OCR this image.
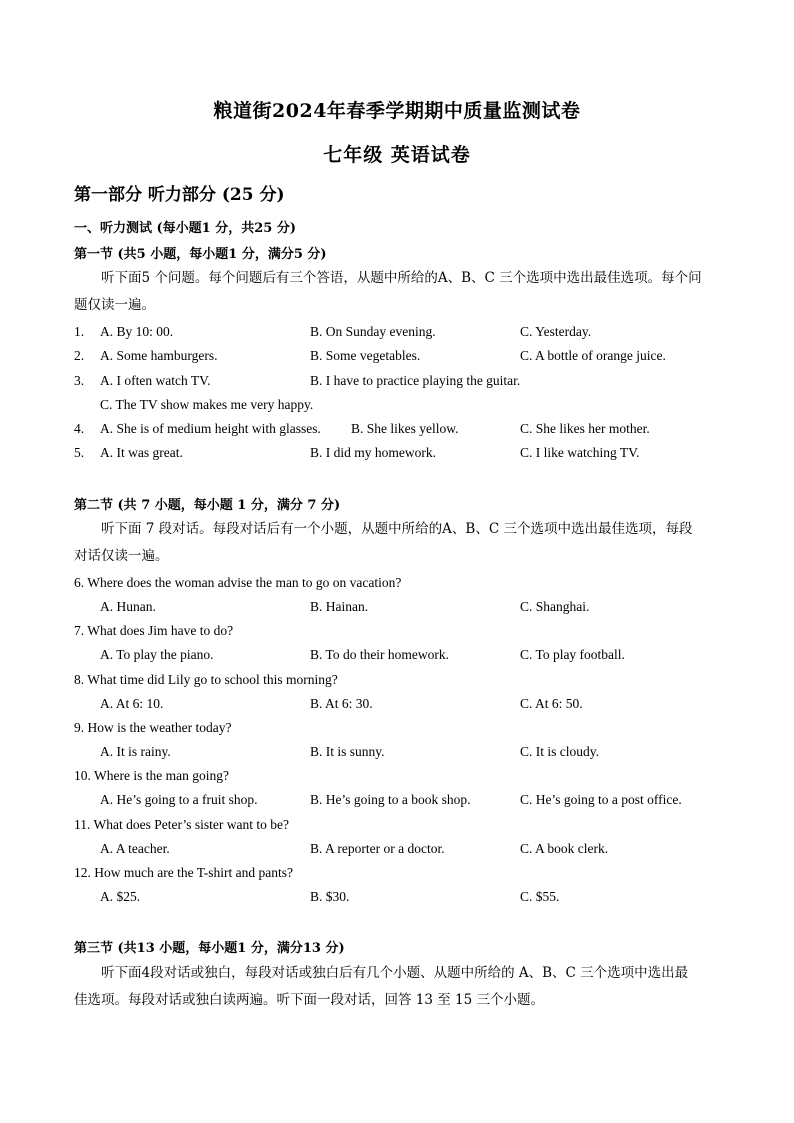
粮道街2024年春季学期期中质量监测试卷
七年级 英语试卷
第一部分 听力部分 (25 分)
一、听力测试 (每小题1 分，共25 分)
第一节 (共5 小题，每小题1 分，满分5 分)
听下面5 个问题。每个问题后有三个答语，从题中所给的A、B、C 三个选项中选出最佳选项。每个问
题仅读一遍。
1. A. By 10: 00.	B. On Sunday evening.	C. Yesterday.
2. A. Some hamburgers.	B. Some vegetables.	C. A bottle of orange juice.
3. A. I often watch TV.	B. I have to practice playing the guitar.
C. The TV show makes me very happy.
4. A. She is of medium height with glasses. B. She likes yellow.	C. She likes her mother.
5. A. It was great.	B. I did my homework.	C. I like watching TV.
第二节 (共 7 小题，每小题 1 分，满分 7 分)
听下面 7 段对话。每段对话后有一个小题，从题中所给的A、B、C 三个选项中选出最佳选项，每段
对话仅读一遍。
6. Where does the woman advise the man to go on vacation?
A. Hunan.	B. Hainan.	C. Shanghai.
7. What does Jim have to do?
A. To play the piano.	B. To do their homework.	C. To play football.
8. What time did Lily go to school this morning?
A. At 6: 10.	B. At 6: 30.	C. At 6: 50.
9. How is the weather today?
A. It is rainy.	B. It is sunny.	C. It is cloudy.
10. Where is the man going?
A. He’s going to a fruit shop.	B. He’s going to a book shop.	C. He’s going to a post office.
11. What does Peter’s sister want to be?
A. A teacher.	B. A reporter or a doctor.	C. A book clerk.
12. How much are the T-shirt and pants?
A. $25.	B. $30.	C. $55.
第三节 (共13 小题，每小题1 分，满分13 分)
听下面4段对话或独白，每段对话或独白后有几个小题、从题中所给的 A、B、C 三个选项中选出最
佳选项。每段对话或独白读两遍。听下面一段对话，回答 13 至 15 三个小题。
